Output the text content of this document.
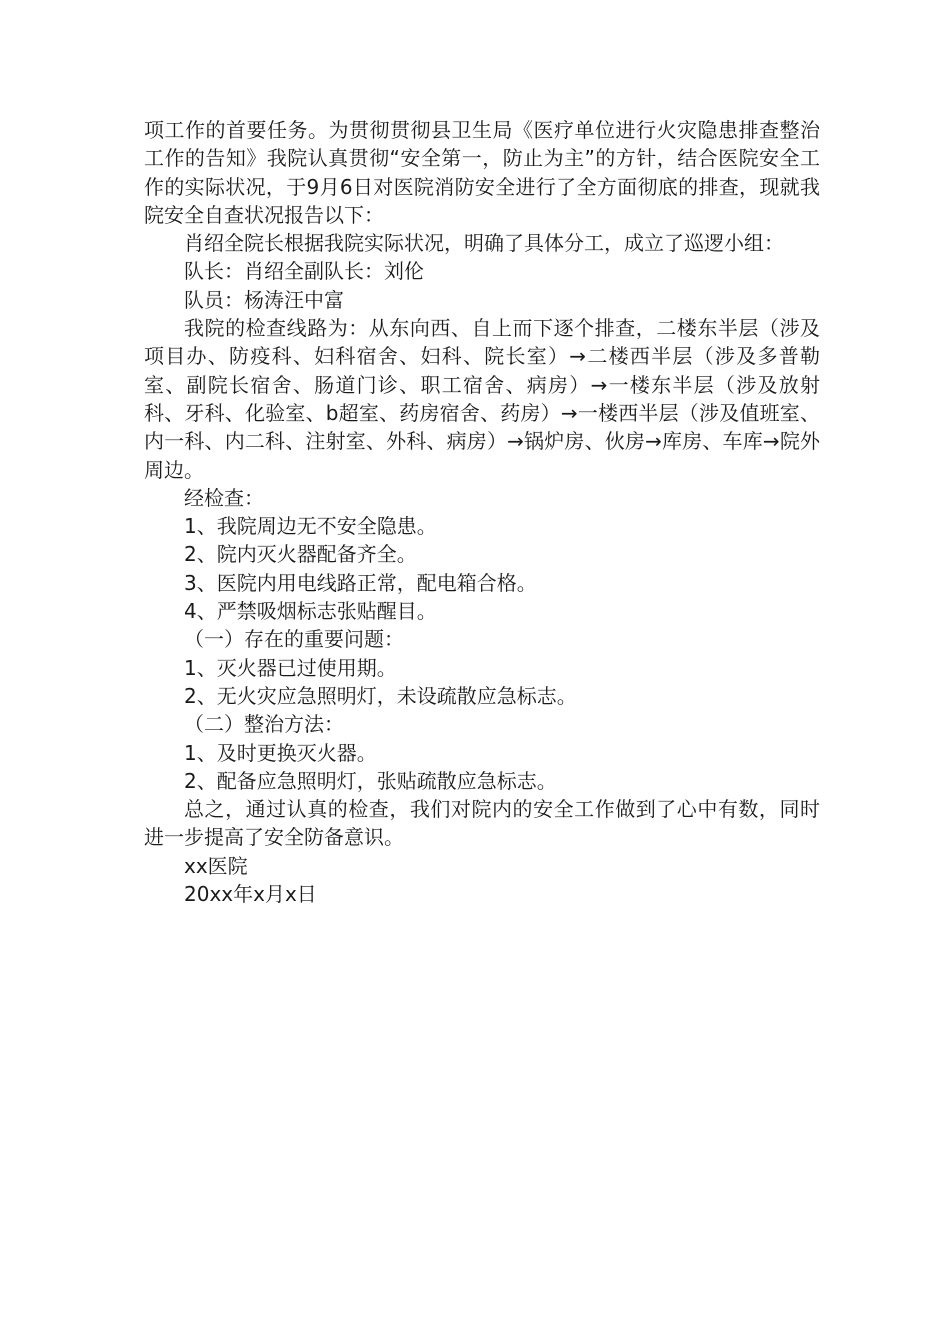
项工作的首要任务。为贯彻贯彻县卫生局《医疗单位进行火灾隐患排查整治工作的告知》我院认真贯彻“安全第一，防止为主”的方针，结合医院安全工作的实际状况，于9月6日对医院消防安全进行了全方面彻底的排查，现就我院安全自查状况报告以下：

肖绍全院长根据我院实际状况，明确了具体分工，成立了巡逻小组：

队长：肖绍全副队长：刘伦

队员：杨涛汪中富

我院的检查线路为：从东向西、自上而下逐个排查，二楼东半层（涉及项目办、防疫科、妇科宿舍、妇科、院长室）→二楼西半层（涉及多普勒室、副院长宿舍、肠道门诊、职工宿舍、病房）→一楼东半层（涉及放射科、牙科、化验室、b超室、药房宿舍、药房）→一楼西半层（涉及值班室、内一科、内二科、注射室、外科、病房）→锅炉房、伙房→库房、车库→院外周边。

经检查：

1、我院周边无不安全隐患。

2、院内灭火器配备齐全。

3、医院内用电线路正常，配电箱合格。

4、严禁吸烟标志张贴醒目。

（一）存在的重要问题：

1、灭火器已过使用期。

2、无火灾应急照明灯，未设疏散应急标志。

（二）整治方法：

1、及时更换灭火器。

2、配备应急照明灯，张贴疏散应急标志。

总之，通过认真的检查，我们对院内的安全工作做到了心中有数，同时进一步提高了安全防备意识。

xx医院

20xx年x月x日
